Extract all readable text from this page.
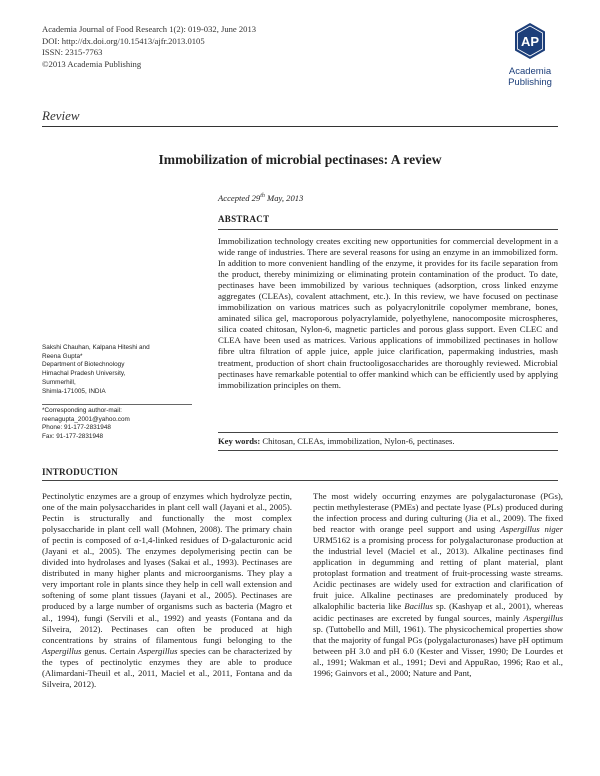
Academia Journal of Food Research 1(2): 019-032, June 2013
DOI: http://dx.doi.org/10.15413/ajfr.2013.0105
ISSN: 2315-7763
©2013 Academia Publishing
AP
Academia
Publishing
Review
Immobilization of microbial pectinases: A review
Accepted 29th May, 2013
ABSTRACT
Immobilization technology creates exciting new opportunities for commercial development in a wide range of industries. There are several reasons for using an enzyme in an immobilized form. In addition to more convenient handling of the enzyme, it provides for its facile separation from the product, thereby minimizing or eliminating protein contamination of the product. To date, pectinases have been immobilized by various techniques (adsorption, cross linked enzyme aggregates (CLEAs), covalent attachment, etc.). In this review, we have focused on pectinase immobilization on various matrices such as polyacrylonitrile copolymer membrane, bones, aminated silica gel, macroporous polyacrylamide, polyethylene, nanocomposite microspheres, silica coated chitosan, Nylon-6, magnetic particles and porous glass support. Even CLEC and CLEA have been used as matrices. Various applications of immobilized pectinases in hollow fibre ultra filtration of apple juice, apple juice clarification, papermaking industries, mash treatment, production of short chain fructooligosaccharides are thoroughly reviewed. Microbial pectinases have remarkable potential to offer mankind which can be efficiently used by applying immobilization principles on them.
Key words: Chitosan, CLEAs, immobilization, Nylon-6, pectinases.
Sakshi Chauhan, Kalpana Hiteshi and
Reena Gupta*
Department of Biotechnology
Himachal Pradesh University,
Summerhill,
Shimla-171005, INDIA
*Corresponding author-mail:
reenagupta_2001@yahoo.com
Phone: 91-177-2831948
Fax: 91-177-2831948
INTRODUCTION
Pectinolytic enzymes are a group of enzymes which hydrolyze pectin, one of the main polysaccharides in plant cell wall (Jayani et al., 2005). Pectin is structurally and functionally the most complex polysaccharide in plant cell wall (Mohnen, 2008). The primary chain of pectin is composed of α-1,4-linked residues of D-galacturonic acid (Jayani et al., 2005). The enzymes depolymerising pectin can be divided into hydrolases and lyases (Sakai et al., 1993). Pectinases are distributed in many higher plants and microorganisms. They play a very important role in plants since they help in cell wall extension and softening of some plant tissues (Jayani et al., 2005). Pectinases are produced by a large number of organisms such as bacteria (Magro et al., 1994), fungi (Servili et al., 1992) and yeasts (Fontana and da Silveira, 2012). Pectinases can often be produced at high concentrations by strains of filamentous fungi belonging to the Aspergillus genus. Certain Aspergillus species can be characterized by the types of pectinolytic enzymes they are able to produce (Alimardani-Theuil et al., 2011, Maciel et al., 2011, Fontana and da Silveira, 2012).
The most widely occurring enzymes are polygalacturonase (PGs), pectin methylesterase (PMEs) and pectate lyase (PLs) produced during the infection process and during culturing (Jia et al., 2009). The fixed bed reactor with orange peel support and using Aspergillus niger URM5162 is a promising process for polygalacturonase production at the industrial level (Maciel et al., 2013). Alkaline pectinases find application in degumming and retting of plant material, plant protoplast formation and treatment of fruit-processing waste streams. Acidic pectinases are widely used for extraction and clarification of fruit juice. Alkaline pectinases are predominately produced by alkalophilic bacteria like Bacillus sp. (Kashyap et al., 2001), whereas acidic pectinases are excreted by fungal sources, mainly Aspergillus sp. (Tuttobello and Mill, 1961). The physicochemical properties show that the majority of fungal PGs (polygalacturonases) have pH optimum between pH 3.0 and pH 6.0 (Kester and Visser, 1990; De Lourdes et al., 1991; Wakman et al., 1991; Devi and AppuRao, 1996; Rao et al., 1996; Gainvors et al., 2000; Nature and Pant,
